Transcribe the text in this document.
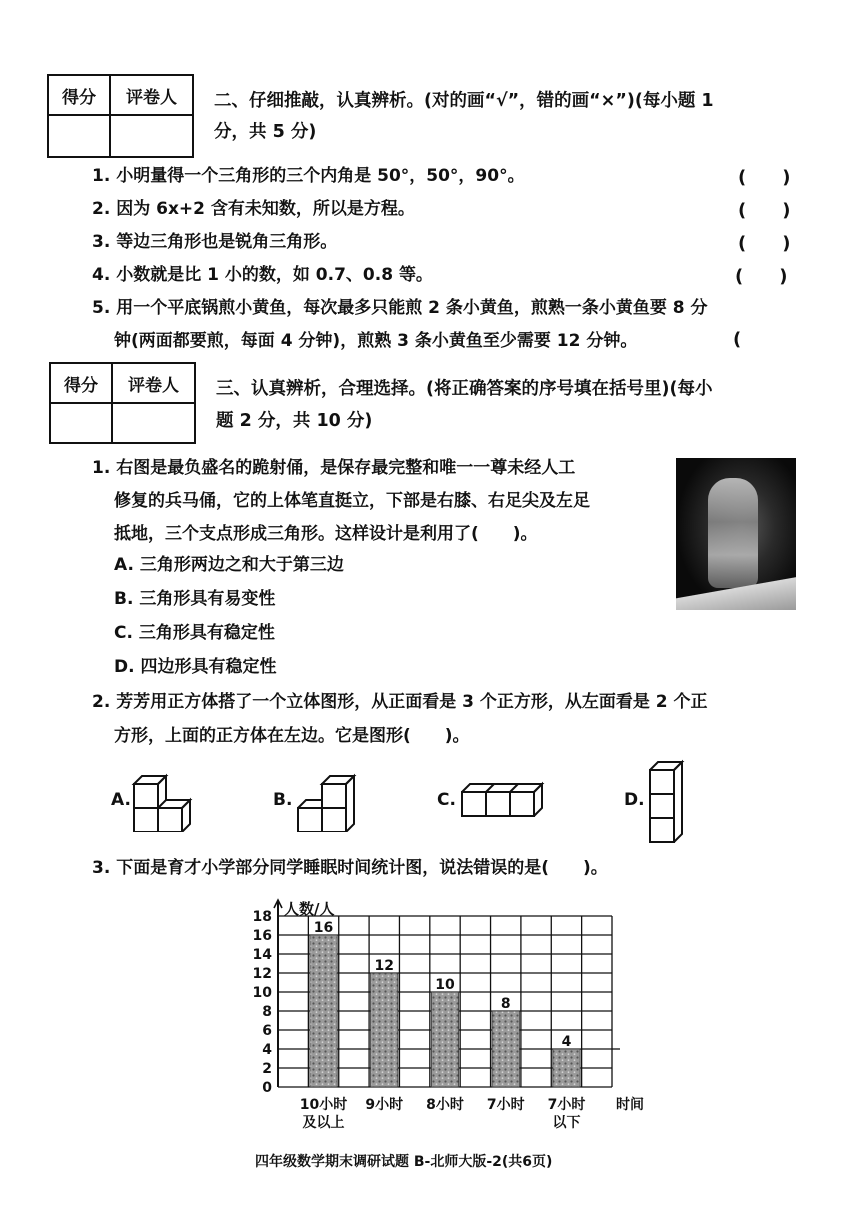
得分	评卷人
	二、仔细推敲，认真辨析。(对的画“√”，错的画“×”)(每小题 1
分，共 5 分)
1. 小明量得一个三角形的三个内角是 50°，50°，90°。	(　　)
2. 因为 6x+2 含有未知数，所以是方程。	(　　)
3. 等边三角形也是锐角三角形。	(　　)
4. 小数就是比 1 小的数，如 0.7、0.8 等。	(　　)
5. 用一个平底锅煎小黄鱼，每次最多只能煎 2 条小黄鱼，煎熟一条小黄鱼要 8 分
钟(两面都要煎，每面 4 分钟)，煎熟 3 条小黄鱼至少需要 12 分钟。	(
得分	评卷人
	三、认真辨析，合理选择。(将正确答案的序号填在括号里)(每小
题 2 分，共 10 分)
1. 右图是最负盛名的跪射俑，是保存最完整和唯一一尊未经人工
修复的兵马俑，它的上体笔直挺立，下部是右膝、右足尖及左足
抵地，三个支点形成三角形。这样设计是利用了(　　)。
A. 三角形两边之和大于第三边
B. 三角形具有易变性
C. 三角形具有稳定性
D. 四边形具有稳定性
2. 芳芳用正方体搭了一个立体图形，从正面看是 3 个正方形，从左面看是 2 个正
方形，上面的正方体在左边。它是图形(　　)。
A.	B.	C.	D.
3. 下面是育才小学部分同学睡眠时间统计图，说法错误的是(　　)。
人数/人
0
2
4
6
8
10
12
14
16
18
16
10小时
及以上
12
9小时
10
8小时
8
7小时
4
7小时
以下
时间
四年级数学期末调研试题 B-北师大版-2(共6页)
